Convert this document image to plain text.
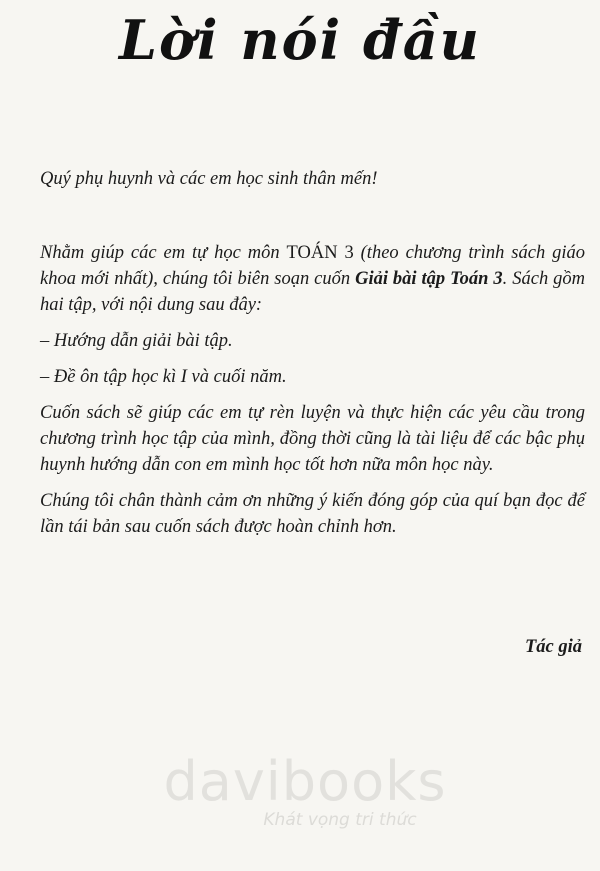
Lời nói đầu

Quý phụ huynh và các em học sinh thân mến!

Nhằm giúp các em tự học môn TOÁN 3 (theo chương trình sách giáo khoa mới nhất), chúng tôi biên soạn cuốn Giải bài tập Toán 3. Sách gồm hai tập, với nội dung sau đây:

– Hướng dẫn giải bài tập.

– Đề ôn tập học kì I và cuối năm.

Cuốn sách sẽ giúp các em tự rèn luyện và thực hiện các yêu cầu trong chương trình học tập của mình, đồng thời cũng là tài liệu để các bậc phụ huynh hướng dẫn con em mình học tốt hơn nữa môn học này.

Chúng tôi chân thành cảm ơn những ý kiến đóng góp của quí bạn đọc để lần tái bản sau cuốn sách được hoàn chỉnh hơn.

Tác giả
davibooks
Khát vọng tri thức
